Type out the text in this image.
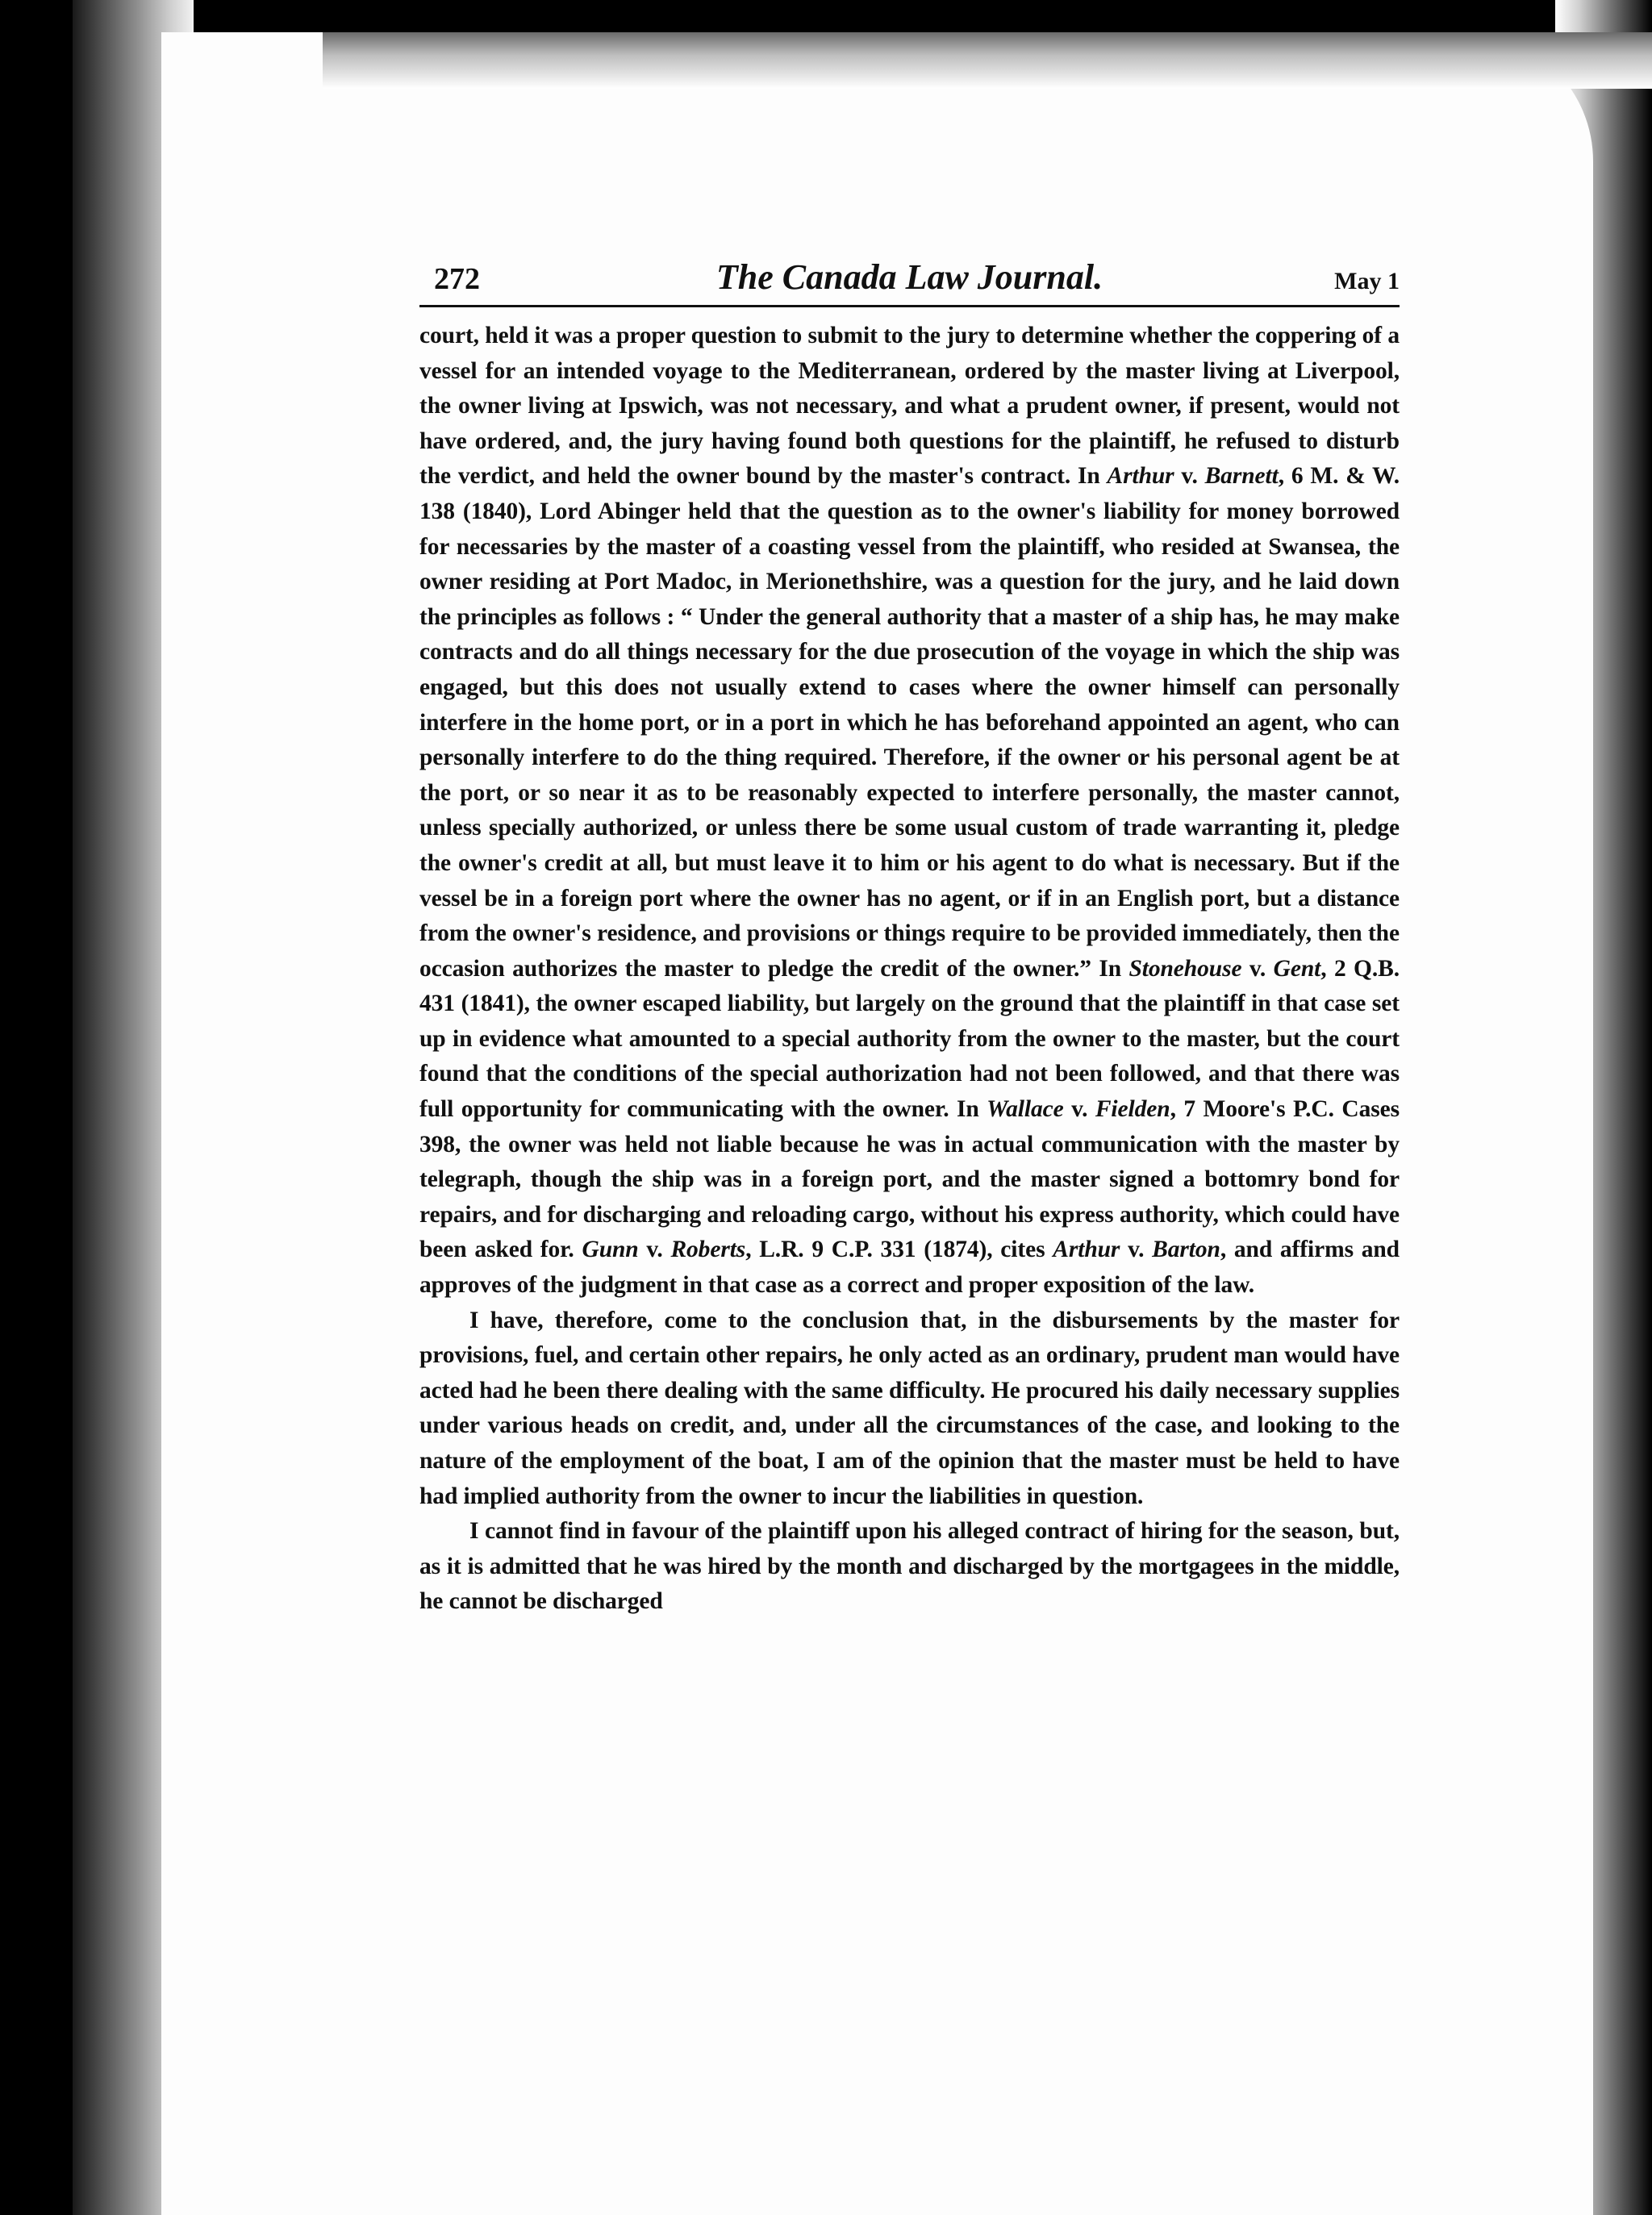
272	The Canada Law Journal.	May 1

court, held it was a proper question to submit to the jury to determine whether the coppering of a vessel for an intended voyage to the Mediterranean, ordered by the master living at Liverpool, the owner living at Ipswich, was not necessary, and what a prudent owner, if present, would not have ordered, and, the jury having found both questions for the plaintiff, he refused to disturb the verdict, and held the owner bound by the master's contract. In Arthur v. Barnett, 6 M. & W. 138 (1840), Lord Abinger held that the question as to the owner's liability for money borrowed for necessaries by the master of a coasting vessel from the plaintiff, who resided at Swansea, the owner residing at Port Madoc, in Merionethshire, was a question for the jury, and he laid down the principles as follows : “ Under the general authority that a master of a ship has, he may make contracts and do all things necessary for the due prosecution of the voyage in which the ship was engaged, but this does not usually extend to cases where the owner himself can personally interfere in the home port, or in a port in which he has beforehand appointed an agent, who can personally interfere to do the thing required. Therefore, if the owner or his personal agent be at the port, or so near it as to be reasonably expected to interfere personally, the master cannot, unless specially authorized, or unless there be some usual custom of trade warranting it, pledge the owner's credit at all, but must leave it to him or his agent to do what is necessary. But if the vessel be in a foreign port where the owner has no agent, or if in an English port, but a distance from the owner's residence, and provisions or things require to be provided immediately, then the occasion authorizes the master to pledge the credit of the owner.” In Stonehouse v. Gent, 2 Q.B. 431 (1841), the owner escaped liability, but largely on the ground that the plaintiff in that case set up in evidence what amounted to a special authority from the owner to the master, but the court found that the conditions of the special authorization had not been followed, and that there was full opportunity for communicating with the owner. In Wallace v. Fielden, 7 Moore's P.C. Cases 398, the owner was held not liable because he was in actual communication with the master by telegraph, though the ship was in a foreign port, and the master signed a bottomry bond for repairs, and for discharging and reloading cargo, without his express authority, which could have been asked for. Gunn v. Roberts, L.R. 9 C.P. 331 (1874), cites Arthur v. Barton, and affirms and approves of the judgment in that case as a correct and proper exposition of the law.

I have, therefore, come to the conclusion that, in the disbursements by the master for provisions, fuel, and certain other repairs, he only acted as an ordinary, prudent man would have acted had he been there dealing with the same difficulty. He procured his daily necessary supplies under various heads on credit, and, under all the circumstances of the case, and looking to the nature of the employment of the boat, I am of the opinion that the master must be held to have had implied authority from the owner to incur the liabilities in question.

I cannot find in favour of the plaintiff upon his alleged contract of hiring for the season, but, as it is admitted that he was hired by the month and discharged by the mortgagees in the middle, he cannot be discharged
